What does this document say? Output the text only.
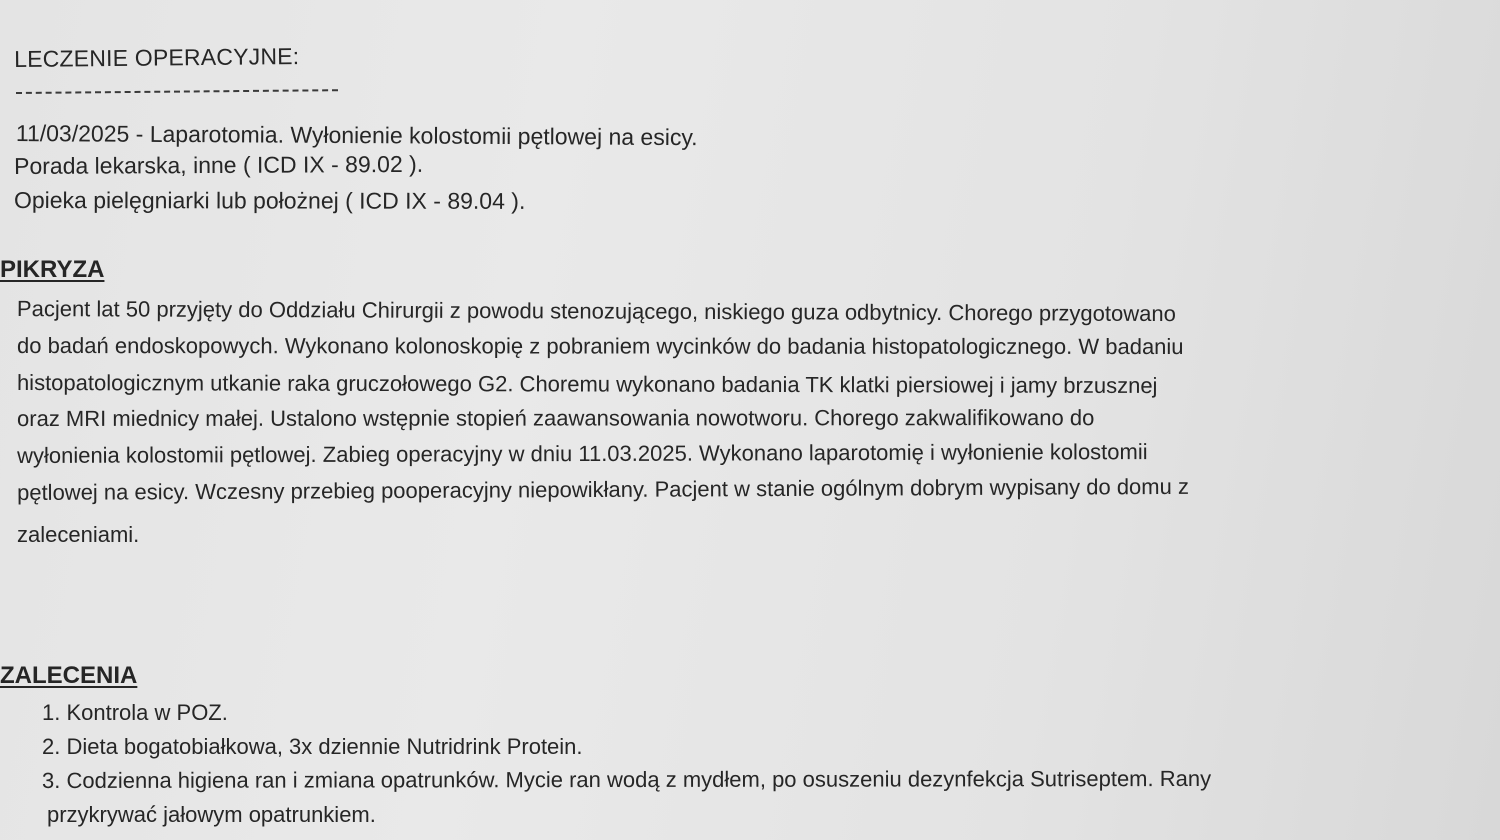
LECZENIE OPERACYJNE:
11/03/2025 - Laparotomia. Wyłonienie kolostomii pętlowej na esicy.
Porada lekarska, inne ( ICD IX - 89.02 ).
Opieka pielęgniarki lub położnej ( ICD IX - 89.04 ).
PIKRYZA
Pacjent lat 50 przyjęty do Oddziału Chirurgii z powodu stenozującego, niskiego guza odbytnicy. Chorego przygotowano
do badań endoskopowych. Wykonano kolonoskopię z pobraniem wycinków do badania histopatologicznego. W badaniu
histopatologicznym utkanie raka gruczołowego G2. Choremu wykonano badania TK klatki piersiowej i jamy brzusznej
oraz MRI miednicy małej. Ustalono wstępnie stopień zaawansowania nowotworu. Chorego zakwalifikowano do
wyłonienia kolostomii pętlowej. Zabieg operacyjny w dniu 11.03.2025. Wykonano laparotomię i wyłonienie kolostomii
pętlowej na esicy. Wczesny przebieg pooperacyjny niepowikłany. Pacjent w stanie ogólnym dobrym wypisany do domu z
zaleceniami.
ZALECENIA
1. Kontrola w POZ.
2. Dieta bogatobiałkowa, 3x dziennie Nutridrink Protein.
3. Codzienna higiena ran i zmiana opatrunków. Mycie ran wodą z mydłem, po osuszeniu dezynfekcja Sutriseptem. Rany
przykrywać jałowym opatrunkiem.
